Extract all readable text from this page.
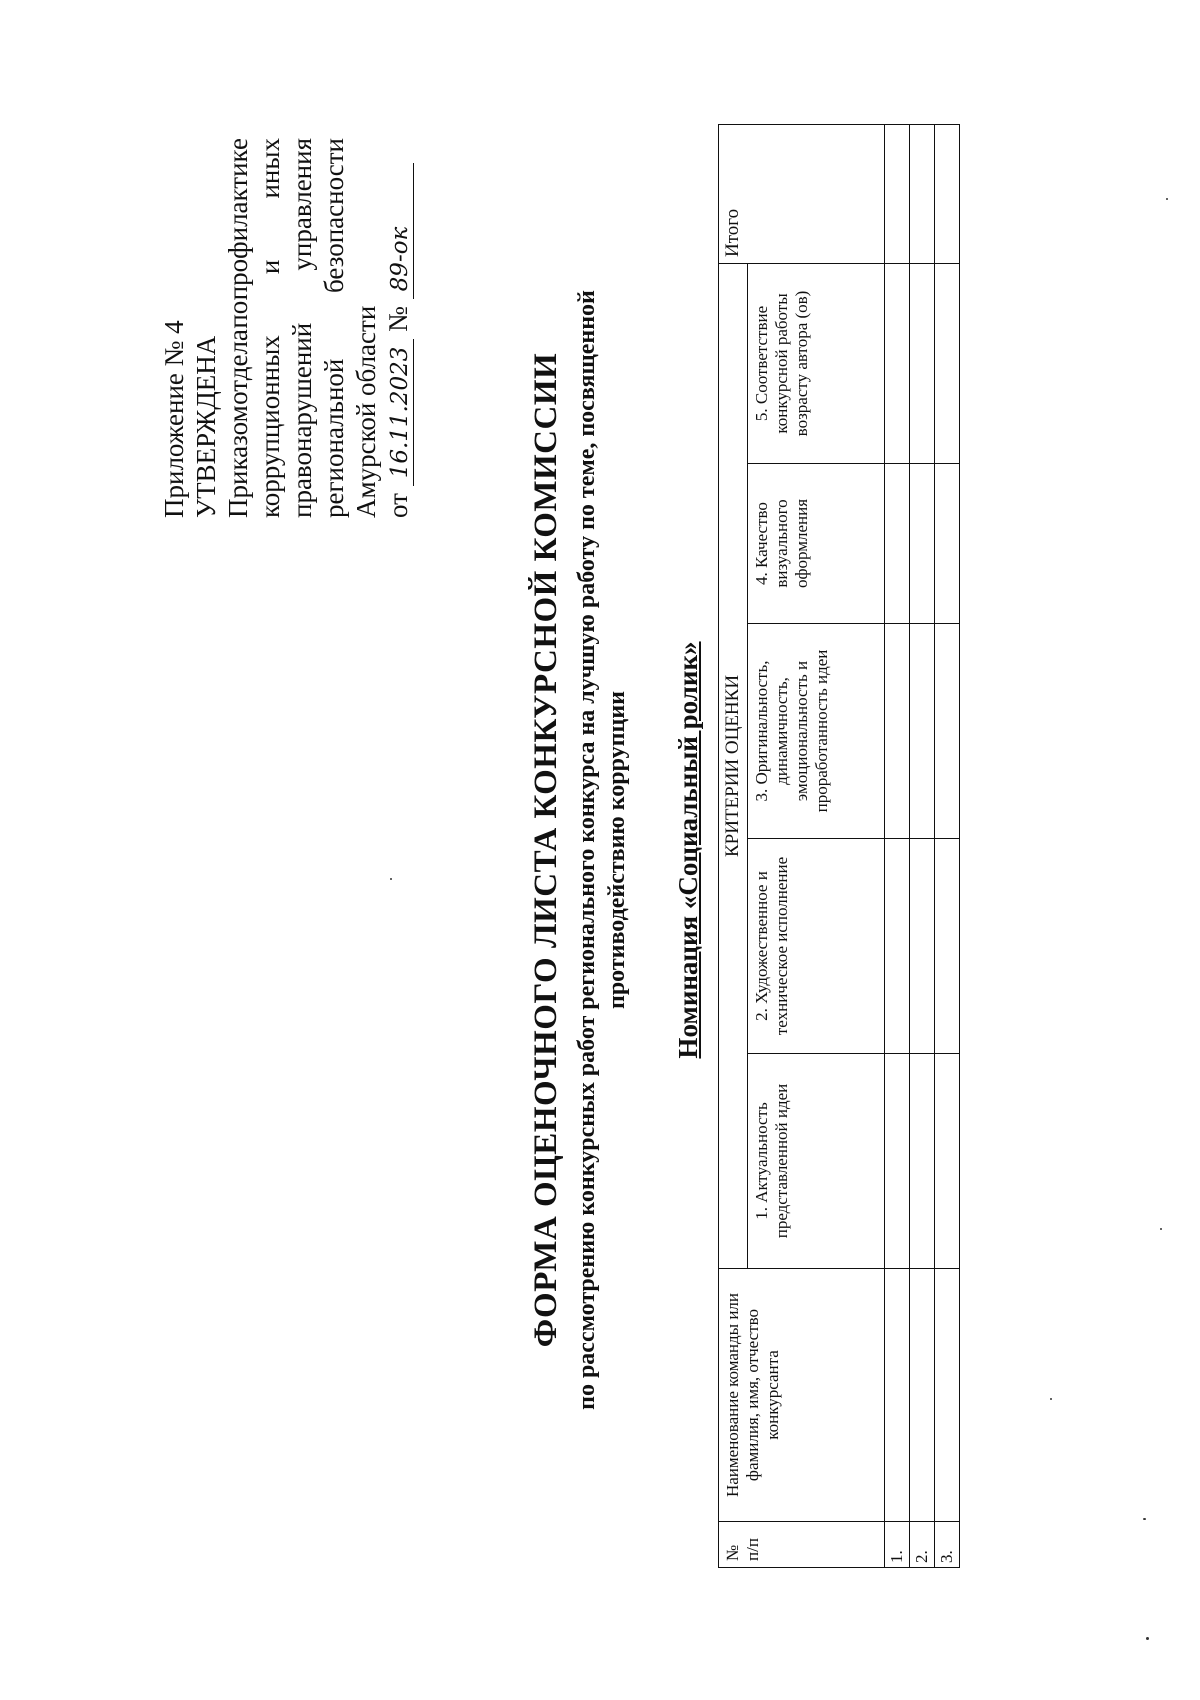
Приложение № 4 УТВЕРЖДЕНА Приказом
отдела
по
профилактике
коррупционных
и
иных
правонарушений
управления
региональной
безопасности
Амурской области от 16.11.2023 № 89-ок
ФОРМА ОЦЕНОЧНОГО ЛИСТА КОНКУРСНОЙ КОМИССИИ по рассмотрению конкурсных работ регионального конкурса на лучшую работу по теме, посвященной противодействию коррупции Номинация «Социальный ролик»
№ п/п	Наименование команды или фамилия, имя, отчество конкурсанта	КРИТЕРИИ ОЦЕНКИ					Итого
		1. Актуальность представленной идеи	2. Художественное и техническое исполнение	3. Оригинальность, динамичность, эмоциональность и проработанность идеи	4. Качество визуального оформления	5. Соответствие конкурсной работы возрасту автора (ов)	
1.							
2.							
3.							
